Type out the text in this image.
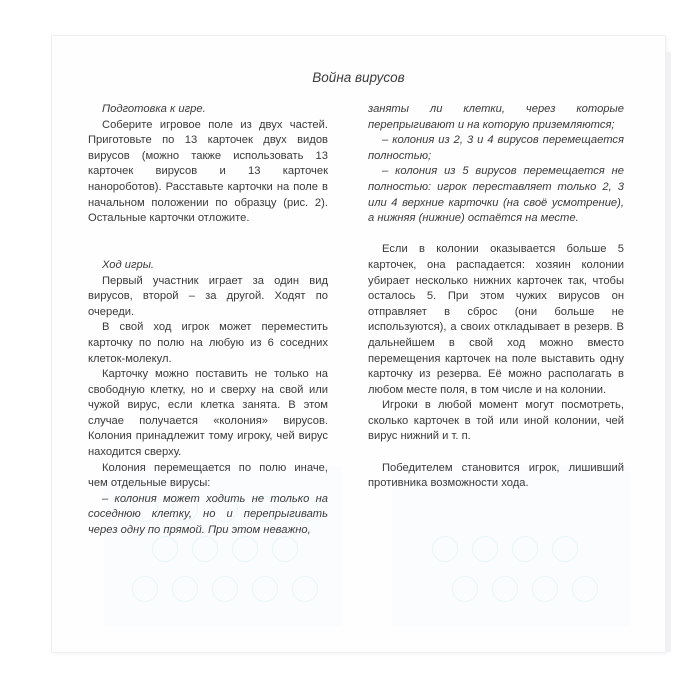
Война вирусов

Подготовка к игре.

Соберите игровое поле из двух частей. Приготовьте по 13 карточек двух видов вирусов (можно также использовать 13 карточек вирусов и 13 карточек нанороботов). Расставьте карточки на поле в начальном положении по образцу (рис. 2). Остальные карточки отложите.

Ход игры.

Первый участник играет за один вид вирусов, второй – за другой. Ходят по очереди.

В свой ход игрок может переместить карточку по полю на любую из 6 соседних клеток-молекул.

Карточку можно поставить не только на свободную клетку, но и сверху на свой или чужой вирус, если клетка занята. В этом случае получается «колония» вирусов. Колония принадлежит тому игроку, чей вирус находится сверху.

Колония перемещается по полю иначе, чем отдельные вирусы:

– колония может ходить не только на соседнюю клетку, но и перепрыгивать через одну по прямой. При этом неважно,

заняты ли клетки, через которые перепрыгивают и на которую приземляются;

– колония из 2, 3 и 4 вирусов перемещается полностью;

– колония из 5 вирусов перемещается не полностью: игрок переставляет только 2, 3 или 4 верхние карточки (на своё усмотрение), а нижняя (нижние) остаётся на месте.

Если в колонии оказывается больше 5 карточек, она распадается: хозяин колонии убирает несколько нижних карточек так, чтобы осталось 5. При этом чужих вирусов он отправляет в сброс (они больше не используются), а своих откладывает в резерв. В дальнейшем в свой ход можно вместо перемещения карточек на поле выставить одну карточку из резерва. Её можно располагать в любом месте поля, в том числе и на колонии.

Игроки в любой момент могут посмотреть, сколько карточек в той или иной колонии, чей вирус нижний и т. п.

Победителем становится игрок, лишивший противника возможности хода.
